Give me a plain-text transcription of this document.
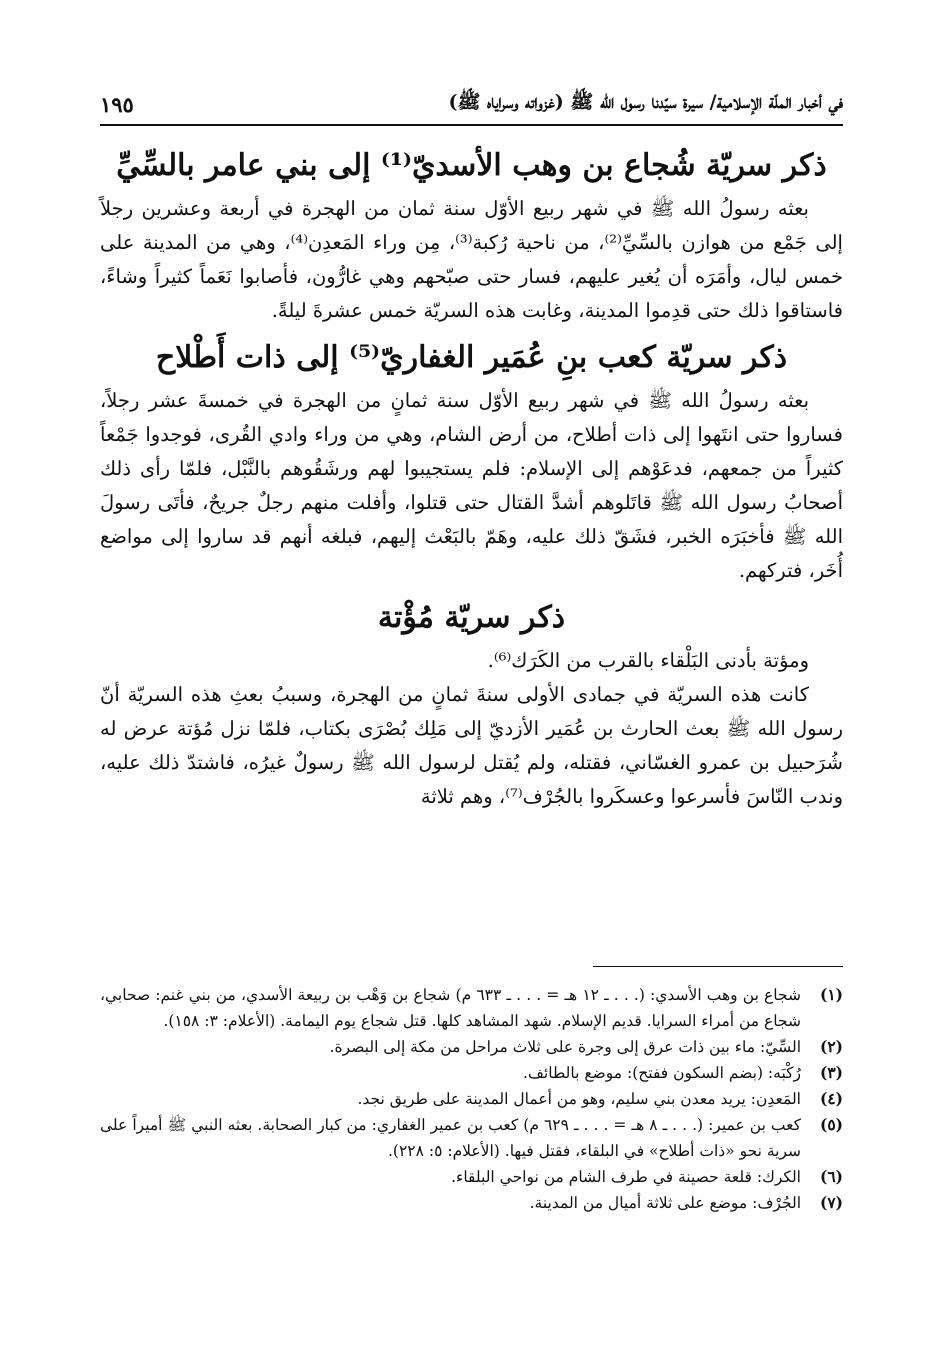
في أخبار الملّة الإسلامية/ سيرة سيّدنا رسول الله ﷺ (غزواته وسراياه ﷺ)
١٩٥
ذكر سريّة شُجاع بن وهب الأسديّ⁽¹⁾ إلى بني عامر بالسِّيِّ

بعثه رسولُ الله ﷺ في شهر ربيع الأوّل سنة ثمان من الهجرة في أربعة وعشرين رجلاً إلى جَمْع من هوازن بالسِّيِّ⁽²⁾، من ناحية رُكبة⁽³⁾، مِن وراء المَعدِن⁽⁴⁾، وهي من المدينة على خمس ليال، وأمَرَه أن يُغير عليهم، فسار حتى صبّحهم وهي غارُّون، فأصابوا نَعَماً كثيراً وشاءً، فاستاقوا ذلك حتى قدِموا المدينة، وغابت هذه السريّة خمس عشرةَ ليلةً.

ذكر سريّة كعب بنِ عُمَير الغفاريّ⁽⁵⁾ إلى ذات أَطْلاح

بعثه رسولُ الله ﷺ في شهر ربيع الأوّل سنة ثمانٍ من الهجرة في خمسةَ عشر رجلاً، فساروا حتى انتَهوا إلى ذات أطلاح، من أرض الشام، وهي من وراء وادي القُرى، فوجدوا جَمْعاً كثيراً من جمعهم، فدعَوْهم إلى الإسلام: فلم يستجيبوا لهم ورشَقُوهم بالنَّبْل، فلمّا رأى ذلك أصحابُ رسول الله ﷺ قاتَلوهم أشدَّ القتال حتى قتلوا، وأفلت منهم رجلٌ جريحٌ، فأتَى رسولَ الله ﷺ فأخبَرَه الخبر، فشَقّ ذلك عليه، وهَمّ بالبَعْث إليهم، فبلغه أنهم قد ساروا إلى مواضع أُخَر، فتركهم.

ذكر سريّة مُؤْتة

ومؤتة بأدنى البَلْقاء بالقرب من الكَرَك⁽⁶⁾.

كانت هذه السريّة في جمادى الأولى سنةَ ثمانٍ من الهجرة، وسببُ بعثِ هذه السريّة أنّ رسول الله ﷺ بعث الحارث بن عُمَير الأزديّ إلى مَلِك بُصْرَى بكتاب، فلمّا نزل مُؤتة عرض له شُرَحبيل بن عمرو الغسّاني، فقتله، ولم يُقتل لرسول الله ﷺ رسولٌ غيرُه، فاشتدّ ذلك عليه، وندب النّاسَ فأسرعوا وعسكَروا بالجُرْف⁽⁷⁾، وهم ثلاثة

(١)
شجاع بن وهب الأسدي: (. . . ـ ١٢ هـ = . . . ـ ٦٣٣ م) شجاع بن وَهْب بن ربيعة الأسدي، من بني غنم: صحابي، شجاع من أمراء السرايا. قديم الإسلام. شهد المشاهد كلها. قتل شجاع يوم اليمامة. (الأعلام: ٣: ١٥٨).
(٢)
السِّيّ: ماء بين ذات عرق إلى وجرة على ثلاث مراحل من مكة إلى البصرة.
(٣)
رُكْبَه: (بضم السكون ففتح): موضع بالطائف.
(٤)
المَعدِن: يريد معدن بني سليم، وهو من أعمال المدينة على طريق نجد.
(٥)
كعب بن عمير: (. . . ـ ٨ هـ = . . . ـ ٦٢٩ م) كعب بن عمير الغفاري: من كبار الصحابة. بعثه النبي ﷺ أميراً على سرية نحو «ذات أطلاح» في البلقاء، فقتل فيها. (الأعلام: ٥: ٢٢٨).
(٦)
الكرك: قلعة حصينة في طرف الشام من نواحي البلقاء.
(٧)
الجُرْف: موضع على ثلاثة أميال من المدينة.
